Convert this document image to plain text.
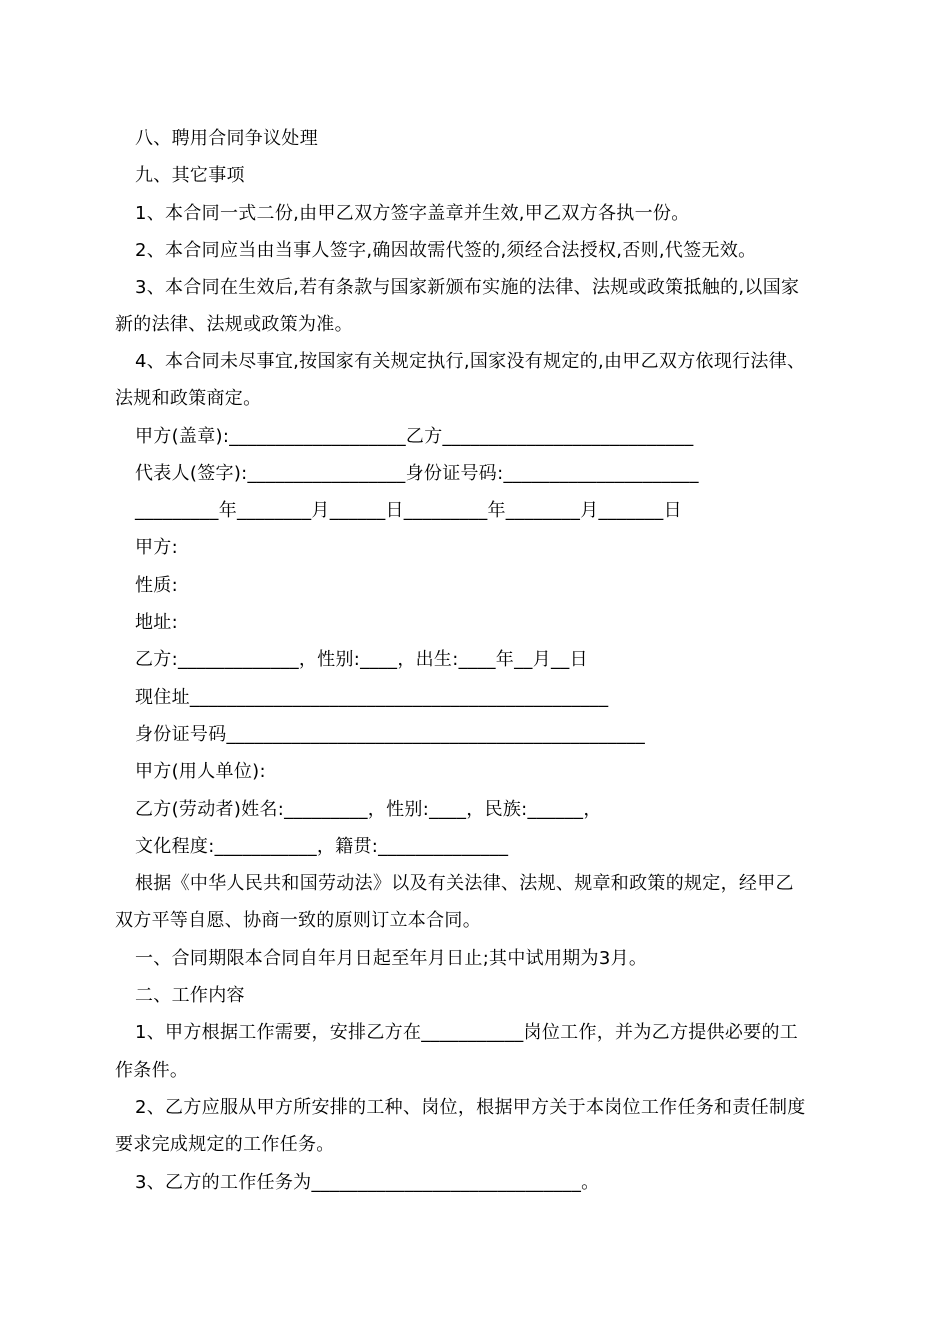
八、聘用合同争议处理
九、其它事项
1、本合同一式二份,由甲乙双方签字盖章并生效,甲乙双方各执一份。
2、本合同应当由当事人签字,确因故需代签的,须经合法授权,否则,代签无效。
3、本合同在生效后,若有条款与国家新颁布实施的法律、法规或政策抵触的,以国家
新的法律、法规或政策为准。
4、本合同未尽事宜,按国家有关规定执行,国家没有规定的,由甲乙双方依现行法律、
法规和政策商定。
甲方(盖章):___________________乙方___________________________
代表人(签字):_________________身份证号码:_____________________
_________年________月______日_________年________月_______日
甲方:
性质:
地址:
乙方:_____________，性别:____，出生:____年__月__日
现住址_____________________________________________
身份证号码_____________________________________________
甲方(用人单位):
乙方(劳动者)姓名:_________，性别:____，民族:______，
文化程度:___________，籍贯:______________
根据《中华人民共和国劳动法》以及有关法律、法规、规章和政策的规定，经甲乙
双方平等自愿、协商一致的原则订立本合同。
一、合同期限本合同自年月日起至年月日止;其中试用期为3月。
二、工作内容
1、甲方根据工作需要，安排乙方在___________岗位工作，并为乙方提供必要的工
作条件。
2、乙方应服从甲方所安排的工种、岗位，根据甲方关于本岗位工作任务和责任制度
要求完成规定的工作任务。
3、乙方的工作任务为_____________________________。
